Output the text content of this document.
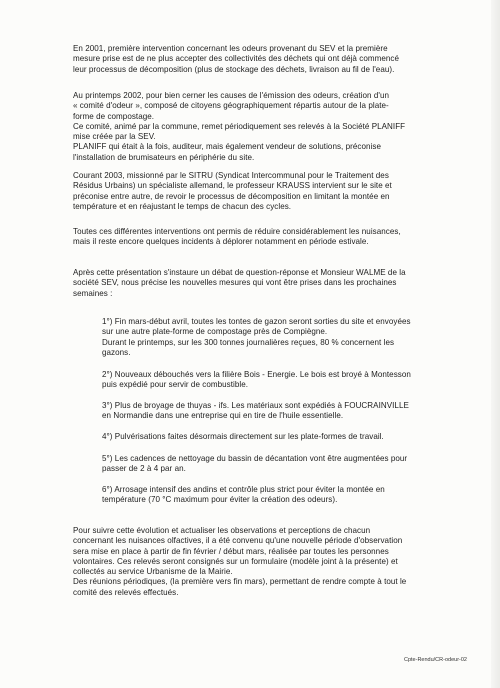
En 2001, première intervention concernant les odeurs provenant du SEV et la première
mesure prise est de ne plus accepter des collectivités des déchets qui ont déjà commencé
leur processus de décomposition (plus de stockage des déchets, livraison au fil de l'eau).
Au printemps 2002, pour bien cerner les causes de l'émission des odeurs, création d'un
« comité d'odeur », composé de citoyens géographiquement répartis autour de la plate-
forme de compostage.
Ce comité, animé par la commune, remet périodiquement ses relevés à la Société PLANIFF
mise créée par la SEV.
PLANIFF qui était à la fois, auditeur, mais également vendeur de solutions, préconise
l'installation de brumisateurs en périphérie du site.
Courant 2003, missionné par le SITRU (Syndicat Intercommunal pour le Traitement des
Résidus Urbains) un spécialiste allemand, le professeur KRAUSS intervient sur le site et
préconise entre autre, de revoir le processus de décomposition en limitant la montée en
température et en réajustant le temps de chacun des cycles.
Toutes ces différentes interventions ont permis de réduire considérablement les nuisances,
mais il reste encore quelques incidents à déplorer notamment en période estivale.
Après cette présentation s'instaure un débat de question-réponse et Monsieur WALME de la
société SEV, nous précise les nouvelles mesures qui vont être prises dans les prochaines
semaines :
1°) Fin mars-début avril, toutes les tontes de gazon seront sorties du site et envoyées
sur une autre plate-forme de compostage près de Compiègne.
Durant le printemps, sur les 300 tonnes journalières reçues, 80 % concernent les
gazons.
2°) Nouveaux débouchés vers la filière Bois - Energie. Le bois est broyé à Montesson
puis expédié pour servir de combustible.
3°) Plus de broyage de thuyas - ifs. Les matériaux sont expédiés à FOUCRAINVILLE
en Normandie dans une entreprise qui en tire de l'huile essentielle.
4°) Pulvérisations faites désormais directement sur les plate-formes de travail.
5°) Les cadences de nettoyage du bassin de décantation vont être augmentées pour
passer de 2 à 4 par an.
6°) Arrosage intensif des andins et contrôle plus strict pour éviter la montée en
température (70 °C maximum pour éviter la création des odeurs).
Pour suivre cette évolution et actualiser les observations et perceptions de chacun
concernant les nuisances olfactives, il a été convenu qu'une nouvelle période d'observation
sera mise en place à partir de fin février / début mars, réalisée par toutes les personnes
volontaires. Ces relevés seront consignés sur un formulaire (modèle joint à la présente) et
collectés au service Urbanisme de la Mairie.
Des réunions périodiques, (la première vers fin mars), permettant de rendre compte à tout le
comité des relevés effectués.
Cpte-Rendu/CR-odeur-02
